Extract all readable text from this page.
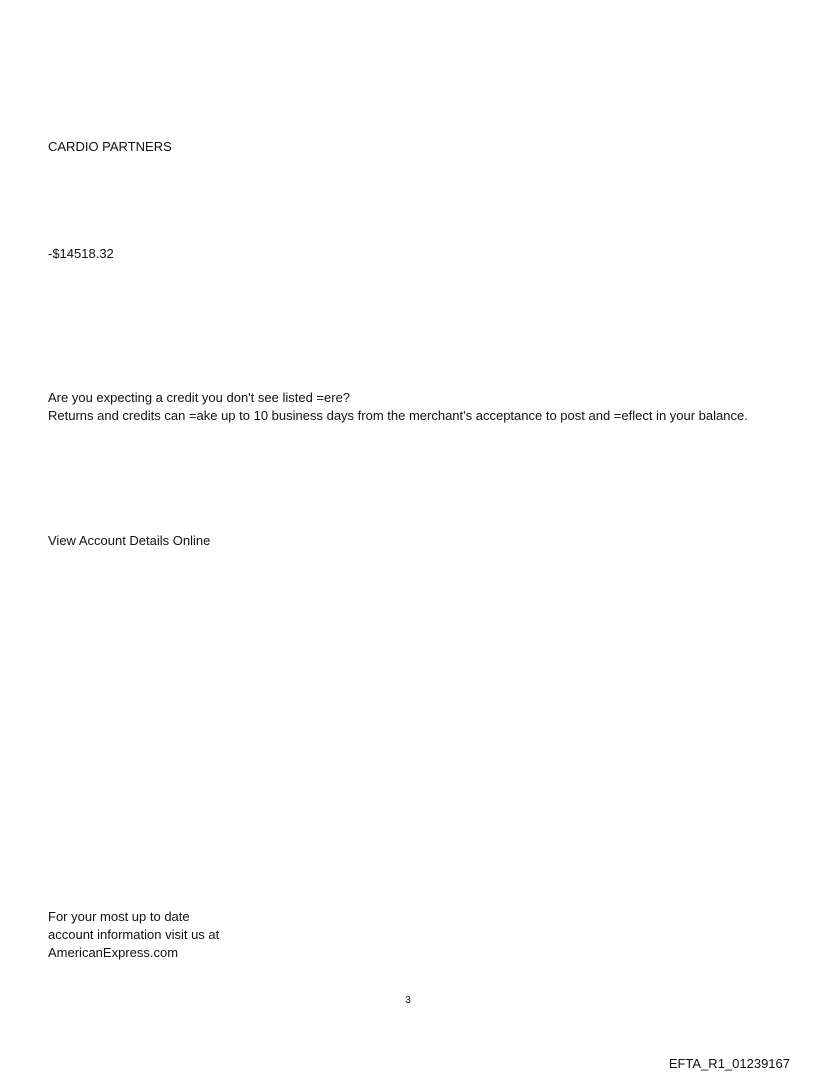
CARDIO PARTNERS
-$14518.32
Are you expecting a credit you don't see listed =ere?
Returns and credits can =ake up to 10 business days from the merchant's acceptance to post and =eflect in your balance.
View Account Details Online
For your most up to date
account information visit us at
AmericanExpress.com
3
EFTA_R1_01239167
